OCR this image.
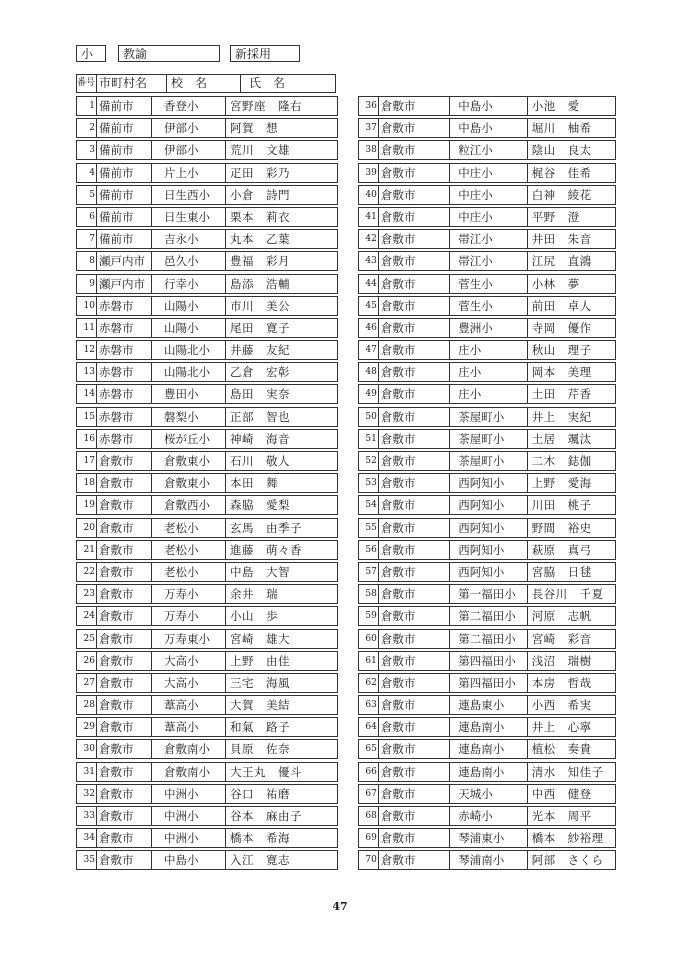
小	教諭	新採用
番号 市町村名	校　名	氏　名
1 備前市	香登小	宮野座　隆右
2 備前市	伊部小	阿賀　想
3 備前市	伊部小	荒川　文雄
4 備前市	片上小	疋田　彩乃
5 備前市	日生西小	小倉　詩門
6 備前市	日生東小	栗本　莉衣
7 備前市	吉永小	丸本　乙葉
8 瀬戸内市	邑久小	豊福　彩月
9 瀬戸内市	行幸小	島添　浩輔
10 赤磐市	山陽小	市川　美公
11 赤磐市	山陽小	尾田　寛子
12 赤磐市	山陽北小	井藤　友紀
13 赤磐市	山陽北小	乙倉　宏彰
14 赤磐市	豊田小	島田　実奈
15 赤磐市	磐梨小	正部　智也
16 赤磐市	桜が丘小	神崎　海音
17 倉敷市	倉敷東小	石川　敬人
18 倉敷市	倉敷東小	本田　舞
19 倉敷市	倉敷西小	森脇　愛梨
20 倉敷市	老松小	玄馬　由季子
21 倉敷市	老松小	進藤　萌々香
22 倉敷市	老松小	中島　大智
23 倉敷市	万寿小	余井　瑞
24 倉敷市	万寿小	小山　歩
25 倉敷市	万寿東小	宮崎　雄大
26 倉敷市	大高小	上野　由佳
27 倉敷市	大高小	三宅　海風
28 倉敷市	葦高小	大賀　美結
29 倉敷市	葦高小	和氣　路子
30 倉敷市	倉敷南小	貝原　佐奈
31 倉敷市	倉敷南小	大王丸　優斗
32 倉敷市	中洲小	谷口　祐磨
33 倉敷市	中洲小	谷本　麻由子
34 倉敷市	中洲小	橋本　希海
35 倉敷市	中島小	入江　寛志
36 倉敷市	中島小	小池　愛
37 倉敷市	中島小	堀川　柚希
38 倉敷市	粒江小	陰山　良太
39 倉敷市	中庄小	梶谷　佳希
40 倉敷市	中庄小	白神　綾花
41 倉敷市	中庄小	平野　澄
42 倉敷市	帯江小	井田　朱音
43 倉敷市	帯江小	江尻　直鴻
44 倉敷市	菅生小	小林　夢
45 倉敷市	菅生小	前田　卓人
46 倉敷市	豊洲小	寺岡　優作
47 倉敷市	庄小	秋山　理子
48 倉敷市	庄小	岡本　美理
49 倉敷市	庄小	土田　芹香
50 倉敷市	茶屋町小	井上　実紀
51 倉敷市	茶屋町小	土居　颯汰
52 倉敷市	茶屋町小	二木　鋕伽
53 倉敷市	西阿知小	上野　愛海
54 倉敷市	西阿知小	川田　桃子
55 倉敷市	西阿知小	野間　裕史
56 倉敷市	西阿知小	萩原　真弓
57 倉敷市	西阿知小	宮脇　日毬
58 倉敷市	第一福田小	長谷川　千夏
59 倉敷市	第二福田小	河原　志帆
60 倉敷市	第二福田小	宮崎　彩音
61 倉敷市	第四福田小	浅沼　瑞樹
62 倉敷市	第四福田小	本房　哲哉
63 倉敷市	連島東小	小西　希実
64 倉敷市	連島南小	井上　心寧
65 倉敷市	連島南小	植松　奏貴
66 倉敷市	連島南小	清水　知佳子
67 倉敷市	天城小	中西　健登
68 倉敷市	赤崎小	光本　周平
69 倉敷市	琴浦東小	橋本　紗裕理
70 倉敷市	琴浦南小	阿部　さくら
47
